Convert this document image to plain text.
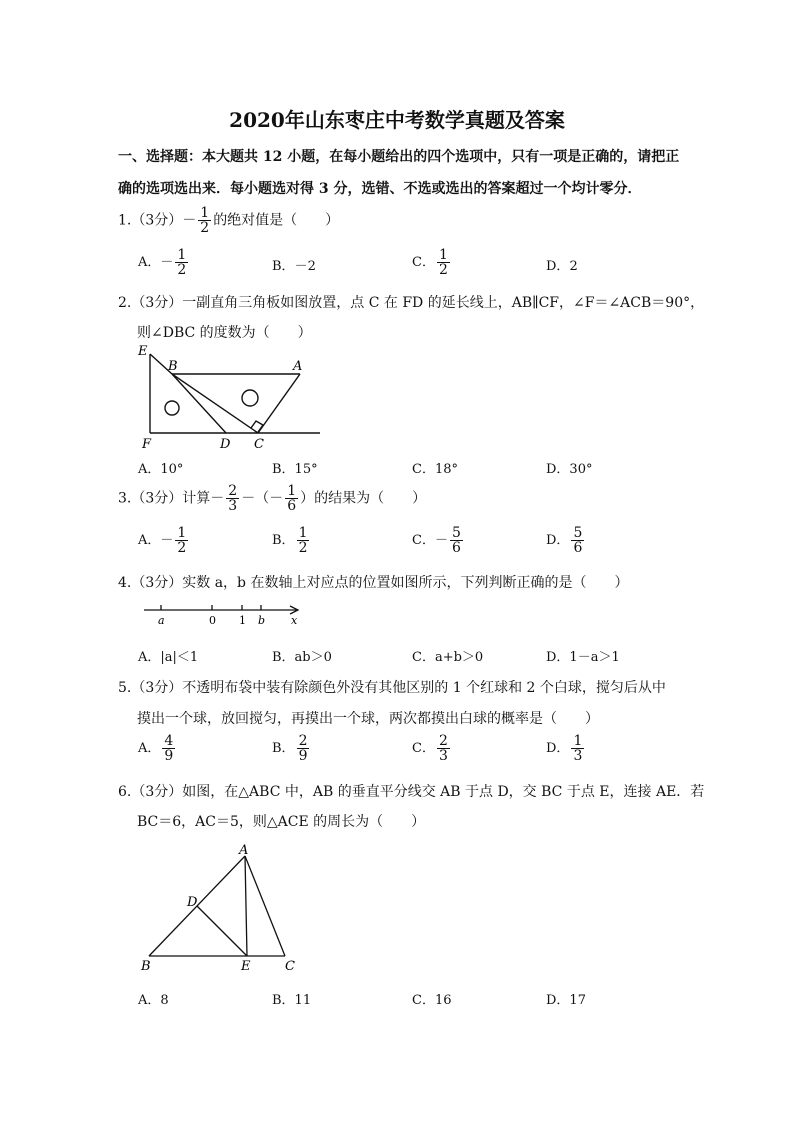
2020年山东枣庄中考数学真题及答案
一、选择题：本大题共 12 小题，在每小题给出的四个选项中，只有一项是正确的，请把正
确的选项选出来．每小题选对得 3 分，选错、不选或选出的答案超过一个均计零分．
1.（3分）－ $\frac{1}{2}$ 的绝对值是（　　）
A．－ $\frac{1}{2}$	B．－2	C． $\frac{1}{2}$	D．2
2.（3分）一副直角三角板如图放置，点 C 在 FD 的延长线上，AB∥CF，∠F＝∠ACB＝90°，
则∠DBC 的度数为（　　）
E
B	A
F	D C
A．10°	B．15°	C．18°	D．30°
3.（3分）计算－ $\frac{2}{3}$ －（－ $\frac{1}{6}$ ）的结果为（　　）
A．－ $\frac{1}{2}$	B． $\frac{1}{2}$	C．－ $\frac{5}{6}$	D． $\frac{5}{6}$
4.（3分）实数 a，b 在数轴上对应点的位置如图所示，下列判断正确的是（　　）
a	0 1 b x
A．|a|＜1	B．ab＞0	C．a+b＞0	D．1－a＞1
5.（3分）不透明布袋中装有除颜色外没有其他区别的 1 个红球和 2 个白球，搅匀后从中
摸出一个球，放回搅匀，再摸出一个球，两次都摸出白球的概率是（　　）
A． $\frac{4}{9}$	B． $\frac{2}{9}$	C． $\frac{2}{3}$	D． $\frac{1}{3}$
6.（3分）如图，在△ABC 中，AB 的垂直平分线交 AB 于点 D，交 BC 于点 E，连接 AE．若
BC＝6，AC＝5，则△ACE 的周长为（　　）
A
D
B	E	C
A．8	B．11	C．16	D．17
